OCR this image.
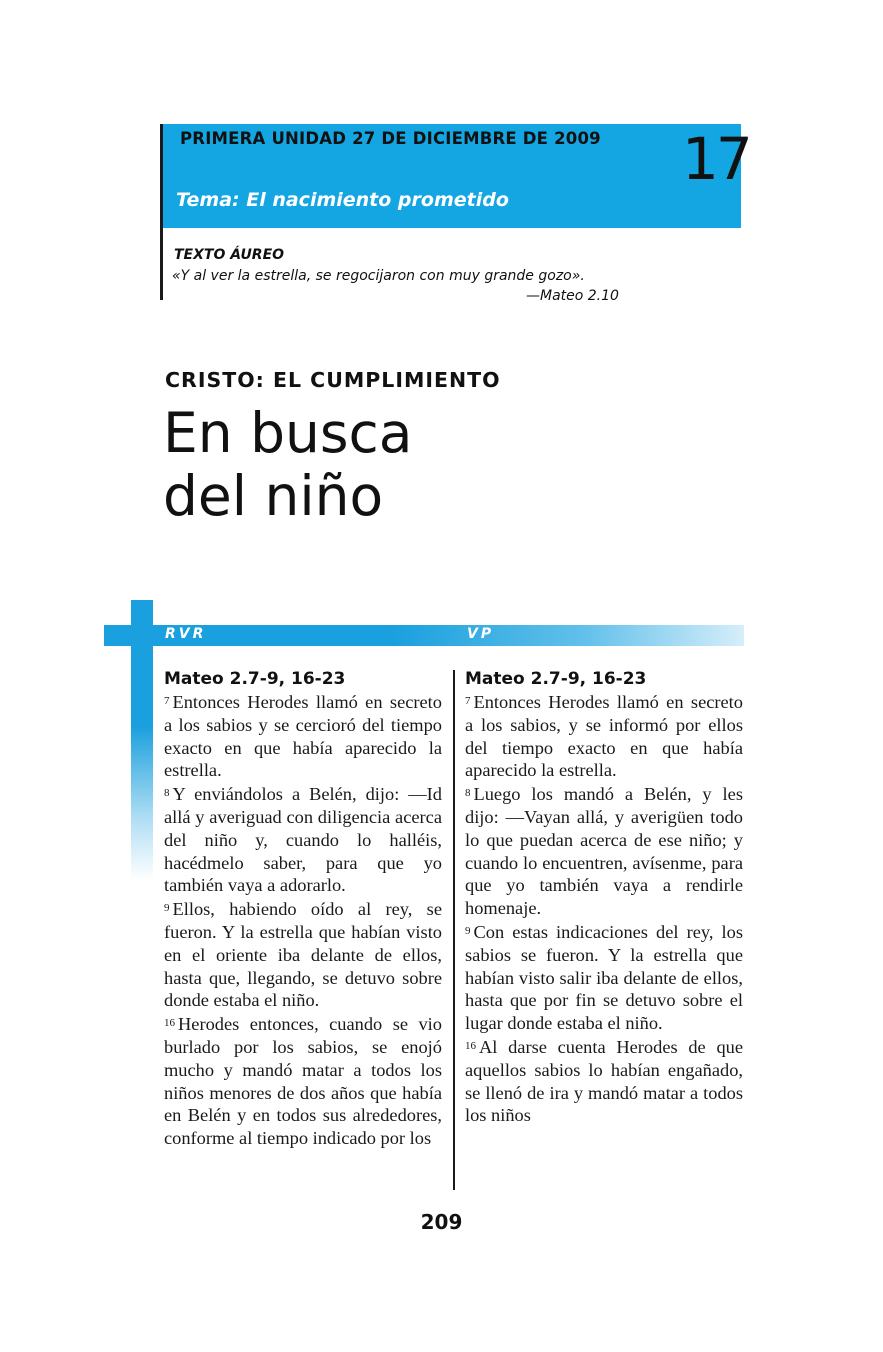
PRIMERA UNIDAD 27 DE DICIEMBRE DE 2009 17
Tema: El nacimiento prometido
TEXTO ÁUREO
«Y al ver la estrella, se regocijaron con muy grande gozo».
—Mateo 2.10
CRISTO: EL CUMPLIMIENTO
En busca
del niño
RVR	VP
Mateo 2.7-9, 16-23
$^7$ Entonces Herodes llamó en secreto a los sabios y se cercioró del tiempo exacto en que había aparecido la estrella.
$^8$ Y enviándolos a Belén, dijo: —Id allá y averiguad con diligencia acerca del niño y, cuando lo halléis, hacédmelo saber, para que yo también vaya a adorarlo.
$^9$ Ellos, habiendo oído al rey, se fueron. Y la estrella que habían visto en el oriente iba delante de ellos, hasta que, llegando, se detuvo sobre donde estaba el niño.
$^{16}$ Herodes entonces, cuando se vio burlado por los sabios, se enojó mucho y mandó matar a todos los niños menores de dos años que había en Belén y en todos sus alrededores, conforme al tiempo indicado por los
Mateo 2.7-9, 16-23
$^7$ Entonces Herodes llamó en secreto a los sabios, y se informó por ellos del tiempo exacto en que había aparecido la estrella.
$^8$ Luego los mandó a Belén, y les dijo: —Vayan allá, y averigüen todo lo que puedan acerca de ese niño; y cuando lo encuentren, avísenme, para que yo también vaya a rendirle homenaje.
$^9$ Con estas indicaciones del rey, los sabios se fueron. Y la estrella que habían visto salir iba delante de ellos, hasta que por fin se detuvo sobre el lugar donde estaba el niño.
$^{16}$ Al darse cuenta Herodes de que aquellos sabios lo habían engañado, se llenó de ira y mandó matar a todos los niños
209
